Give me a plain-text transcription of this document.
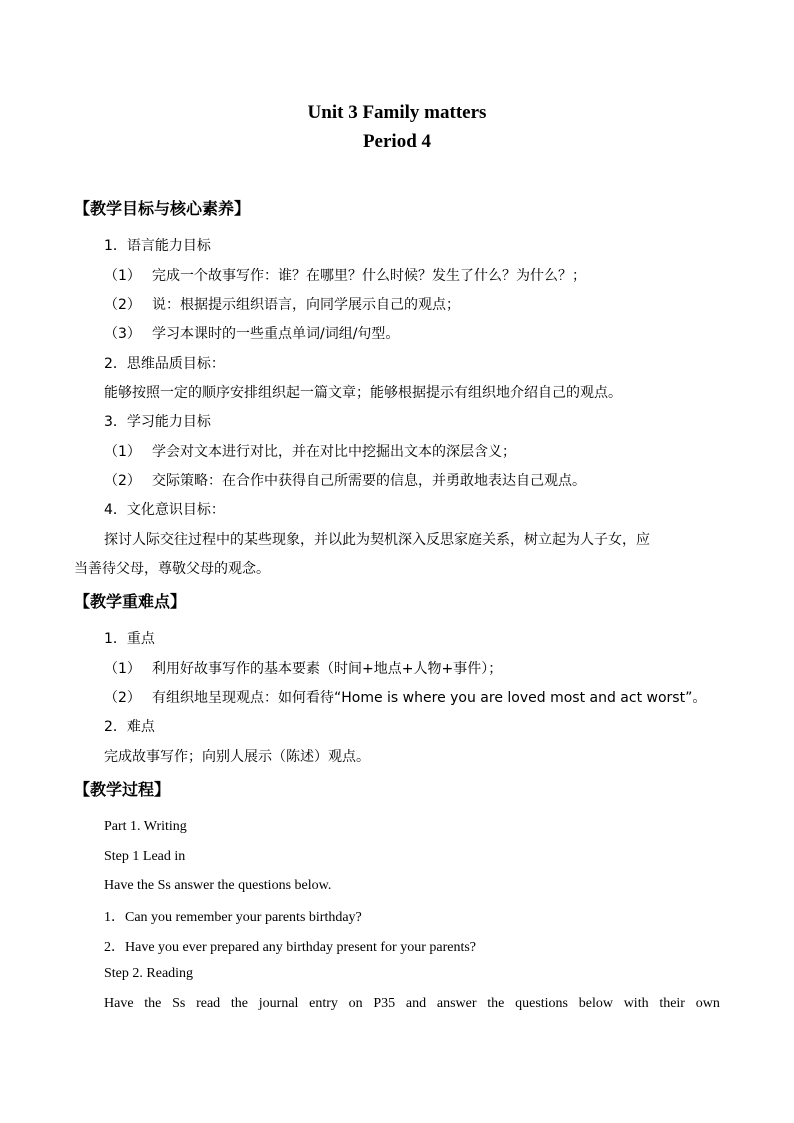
Unit 3 Family matters
Period 4
【教学目标与核心素养】
1．语言能力目标
（1） 完成一个故事写作：谁？在哪里？什么时候？发生了什么？为什么？；
（2） 说：根据提示组织语言，向同学展示自己的观点；
（3） 学习本课时的一些重点单词/词组/句型。
2．思维品质目标：
能够按照一定的顺序安排组织起一篇文章；能够根据提示有组织地介绍自己的观点。
3．学习能力目标
（1） 学会对文本进行对比，并在对比中挖掘出文本的深层含义；
（2） 交际策略：在合作中获得自己所需要的信息，并勇敢地表达自己观点。
4．文化意识目标：
探讨人际交往过程中的某些现象，并以此为契机深入反思家庭关系，树立起为人子女，应
当善待父母，尊敬父母的观念。
【教学重难点】
1．重点
（1） 利用好故事写作的基本要素（时间+地点+人物+事件）；
（2） 有组织地呈现观点：如何看待“Home is where you are loved most and act worst”。
2．难点
完成故事写作；向别人展示（陈述）观点。
【教学过程】
Part 1. Writing
Step 1 Lead in
Have the Ss answer the questions below.
1．Can you remember your parents birthday?
2．Have you ever prepared any birthday present for your parents?
Step 2. Reading
Have the Ss read the journal entry on P35 and answer the questions below with their own
